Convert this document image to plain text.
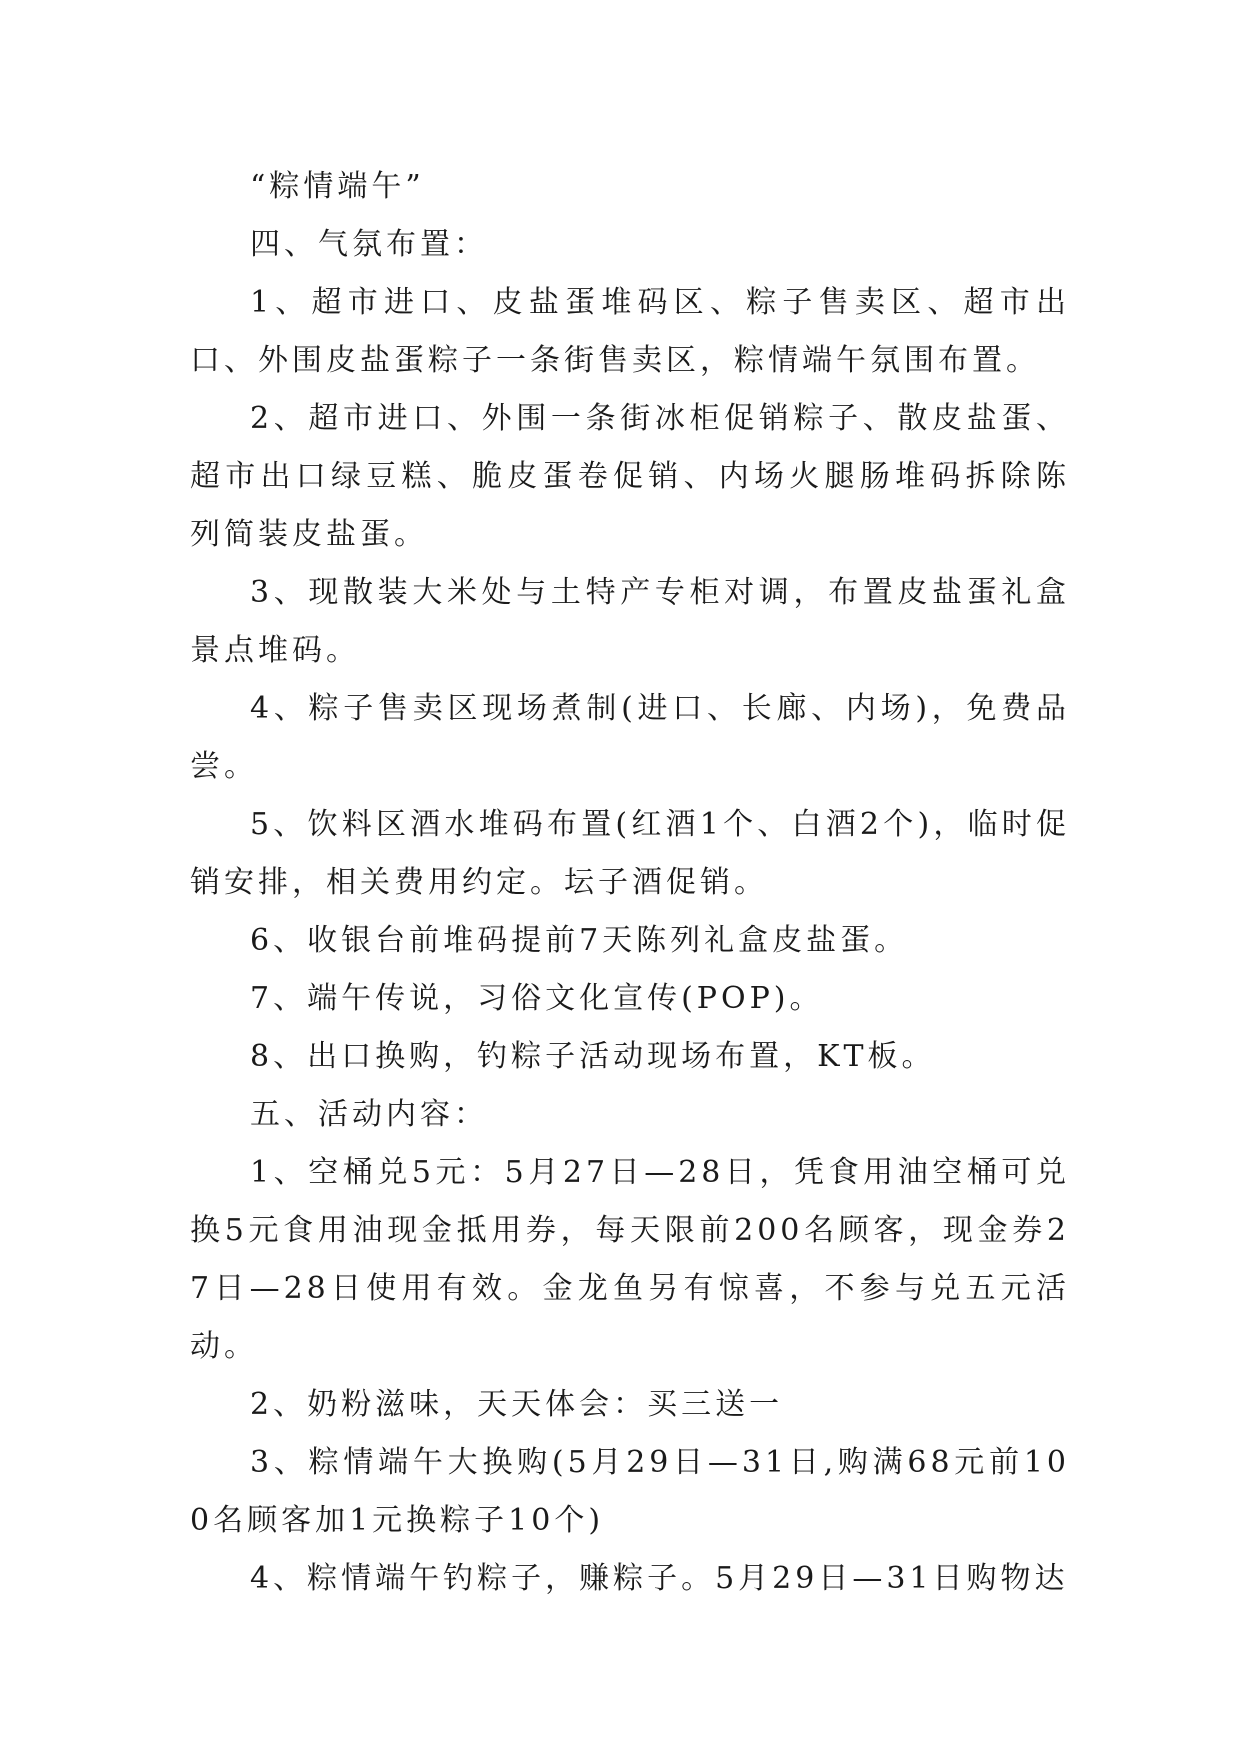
“粽情端午”

四、气氛布置：

1、超市进口、皮盐蛋堆码区、粽子售卖区、超市出口、外围皮盐蛋粽子一条街售卖区，粽情端午氛围布置。

2、超市进口、外围一条街冰柜促销粽子、散皮盐蛋、超市出口绿豆糕、脆皮蛋卷促销、内场火腿肠堆码拆除陈列简装皮盐蛋。

3、现散装大米处与土特产专柜对调，布置皮盐蛋礼盒景点堆码。

4、粽子售卖区现场煮制(进口、长廊、内场)，免费品尝。

5、饮料区酒水堆码布置(红酒1个、白酒2个)，临时促销安排，相关费用约定。坛子酒促销。

6、收银台前堆码提前7天陈列礼盒皮盐蛋。

7、端午传说，习俗文化宣传(POP)。

8、出口换购，钓粽子活动现场布置，KT板。

五、活动内容：

1、空桶兑5元：5月27日—28日，凭食用油空桶可兑换5元食用油现金抵用券，每天限前200名顾客，现金券27日—28日使用有效。金龙鱼另有惊喜，不参与兑五元活动。

2、奶粉滋味，天天体会：买三送一

3、粽情端午大换购(5月29日—31日,购满68元前100名顾客加1元换粽子10个)

4、粽情端午钓粽子，赚粽子。5月29日—31日购物达
